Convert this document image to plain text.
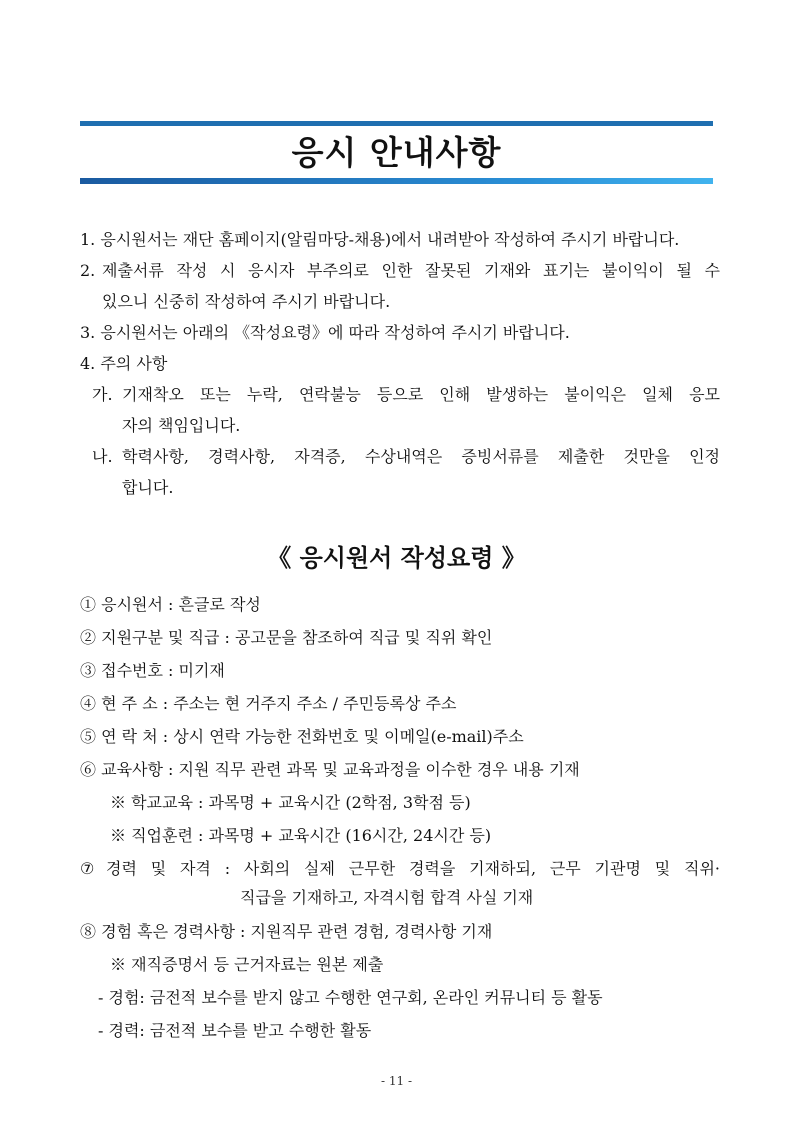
응시 안내사항
1. 응시원서는 재단 홈페이지(알림마당-채용)에서 내려받아 작성하여 주시기 바랍니다.
2. 제출서류 작성 시 응시자 부주의로 인한 잘못된 기재와 표기는 불이익이 될 수
있으니 신중히 작성하여 주시기 바랍니다.
3. 응시원서는 아래의 《작성요령》에 따라 작성하여 주시기 바랍니다.
4. 주의 사항
가. 기재착오 또는 누락, 연락불능 등으로 인해 발생하는 불이익은 일체 응모
자의 책임입니다.
나. 학력사항, 경력사항, 자격증, 수상내역은 증빙서류를 제출한 것만을 인정
합니다.
《 응시원서 작성요령 》
① 응시원서 : 흔글로 작성
② 지원구분 및 직급 : 공고문을 참조하여 직급 및 직위 확인
③ 접수번호 : 미기재
④ 현 주 소 : 주소는 현 거주지 주소 / 주민등록상 주소
⑤ 연 락 처 : 상시 연락 가능한 전화번호 및 이메일(e-mail)주소
⑥ 교육사항 : 지원 직무 관련 과목 및 교육과정을 이수한 경우 내용 기재
※ 학교교육 : 과목명 + 교육시간 (2학점, 3학점 등)
※ 직업훈련 : 과목명 + 교육시간 (16시간, 24시간 등)
⑦ 경력 및 자격 : 사회의 실제 근무한 경력을 기재하되, 근무 기관명 및 직위·
직급을 기재하고, 자격시험 합격 사실 기재
⑧ 경험 혹은 경력사항 : 지원직무 관련 경험, 경력사항 기재
※ 재직증명서 등 근거자료는 원본 제출
- 경험: 금전적 보수를 받지 않고 수행한 연구회, 온라인 커뮤니티 등 활동
- 경력: 금전적 보수를 받고 수행한 활동
- 11 -
